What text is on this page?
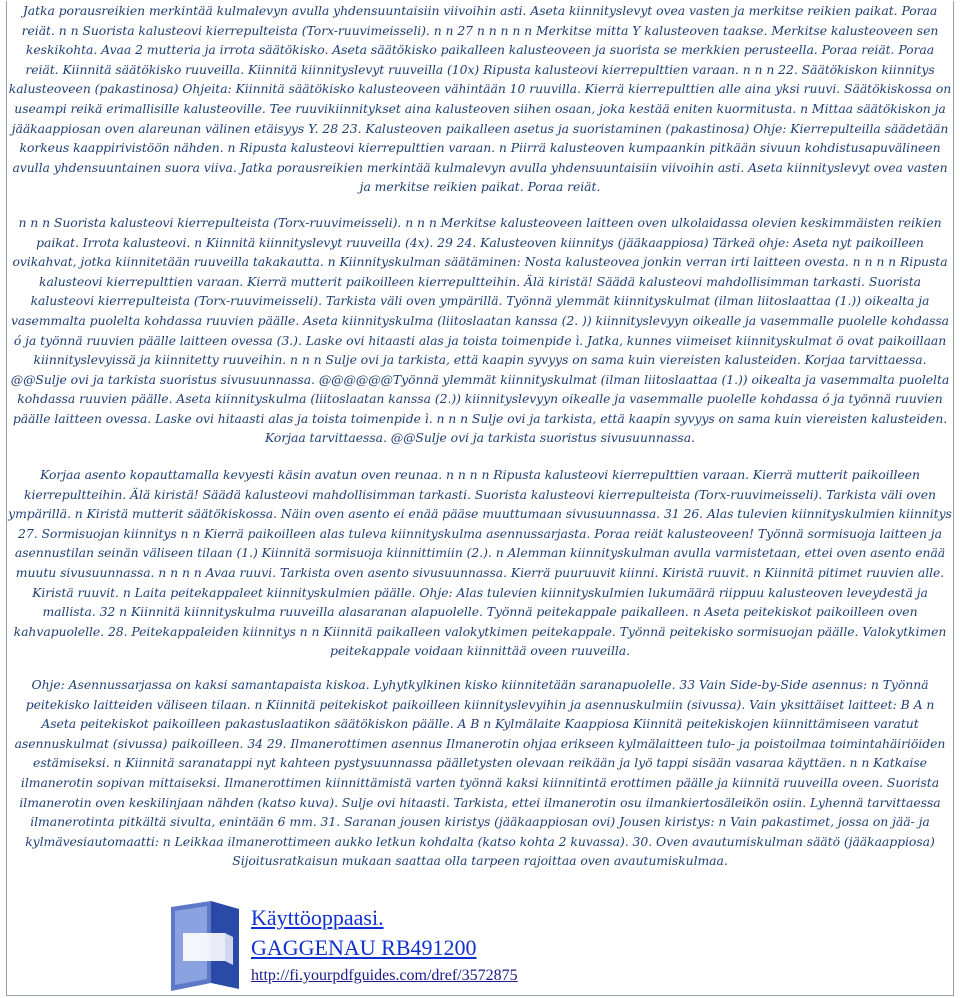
Jatka porausreikien merkintää kulmalevyn avulla yhdensuuntaisiin viivoihin asti. Aseta kiinnityslevyt ovea vasten ja merkitse reikien paikat. Poraa reiät. n n Suorista kalusteovi kierrepulteista (Torx-ruuvimeisseli). n n 27 n n n n n Merkitse mitta Y kalusteoven taakse. Merkitse kalusteoveen sen keskikohta. Avaa 2 mutteria ja irrota säätökisko. Aseta säätökisko paikalleen kalusteoveen ja suorista se merkkien perusteella. Poraa reiät. Poraa reiät. Kiinnitä säätökisko ruuveilla. Kiinnitä kiinnityslevyt ruuveilla (10x) Ripusta kalusteovi kierrepulttien varaan. n n n 22. Säätökiskon kiinnitys kalusteoveen (pakastinosa) Ohjeita: Kiinnitä säätökisko kalusteoveen vähintään 10 ruuvilla. Kierrä kierrepulttien alle aina yksi ruuvi. Säätökiskossa on useampi reikä erimallisille kalusteoville. Tee ruuvikiinnitykset aina kalusteoven siihen osaan, joka kestää eniten kuormitusta. n Mittaa säätökiskon ja jääkaappiosan oven alareunan välinen etäisyys Y. 28 23. Kalusteoven paikalleen asetus ja suoristaminen (pakastinosa) Ohje: Kierrepulteilla säädetään korkeus kaappirivistöön nähden. n Ripusta kalusteovi kierrepulttien varaan. n Piirrä kalusteoven kumpaankin pitkään sivuun kohdistusapuvälineen avulla yhdensuuntainen suora viiva. Jatka porausreikien merkintää kulmalevyn avulla yhdensuuntaisiin viivoihin asti. Aseta kiinnityslevyt ovea vasten ja merkitse reikien paikat. Poraa reiät.

n n n Suorista kalusteovi kierrepulteista (Torx-ruuvimeisseli). n n n Merkitse kalusteoveen laitteen oven ulkolaidassa olevien keskimmäisten reikien paikat. Irrota kalusteovi. n Kiinnitä kiinnityslevyt ruuveilla (4x). 29 24. Kalusteoven kiinnitys (jääkaappiosa) Tärkeä ohje: Aseta nyt paikoilleen ovikahvat, jotka kiinnitetään ruuveilla takakautta. n Kiinnityskulman säätäminen: Nosta kalusteovea jonkin verran irti laitteen ovesta. n n n n Ripusta kalusteovi kierrepulttien varaan. Kierrä mutterit paikoilleen kierrepultteihin. Älä kiristä! Säädä kalusteovi mahdollisimman tarkasti. Suorista kalusteovi kierrepulteista (Torx-ruuvimeisseli). Tarkista väli oven ympärillä. Työnnä ylemmät kiinnityskulmat (ilman liitoslaattaa (1.)) oikealta ja vasemmalta puolelta kohdassa ruuvien päälle. Aseta kiinnityskulma (liitoslaatan kanssa (2. )) kiinnityslevyyn oikealle ja vasemmalle puolelle kohdassa ó ja työnnä ruuvien päälle laitteen ovessa (3.). Laske ovi hitaasti alas ja toista toimenpide ì. Jatka, kunnes viimeiset kiinnityskulmat ö ovat paikoillaan kiinnityslevyissä ja kiinnitetty ruuveihin. n n n Sulje ovi ja tarkista, että kaapin syvyys on sama kuin viereisten kalusteiden. Korjaa tarvittaessa. @@Sulje ovi ja tarkista suoristus sivusuunnassa. @@@@@@Työnnä ylemmät kiinnityskulmat (ilman liitoslaattaa (1.)) oikealta ja vasemmalta puolelta kohdassa ruuvien päälle. Aseta kiinnityskulma (liitoslaatan kanssa (2.)) kiinnityslevyyn oikealle ja vasemmalle puolelle kohdassa ó ja työnnä ruuvien päälle laitteen ovessa. Laske ovi hitaasti alas ja toista toimenpide ì. n n n Sulje ovi ja tarkista, että kaapin syvyys on sama kuin viereisten kalusteiden. Korjaa tarvittaessa. @@Sulje ovi ja tarkista suoristus sivusuunnassa.

Korjaa asento kopauttamalla kevyesti käsin avatun oven reunaa. n n n n Ripusta kalusteovi kierrepulttien varaan. Kierrä mutterit paikoilleen kierrepultteihin. Älä kiristä! Säädä kalusteovi mahdollisimman tarkasti. Suorista kalusteovi kierrepulteista (Torx-ruuvimeisseli). Tarkista väli oven ympärillä. n Kiristä mutterit säätökiskossa. Näin oven asento ei enää pääse muuttumaan sivusuunnassa. 31 26. Alas tulevien kiinnityskulmien kiinnitys 27. Sormisuojan kiinnitys n n Kierrä paikoilleen alas tuleva kiinnityskulma asennussarjasta. Poraa reiät kalusteoveen! Työnnä sormisuoja laitteen ja asennustilan seinän väliseen tilaan (1.) Kiinnitä sormisuoja kiinnittimiin (2.). n Alemman kiinnityskulman avulla varmistetaan, ettei oven asento enää muutu sivusuunnassa. n n n n Avaa ruuvi. Tarkista oven asento sivusuunnassa. Kierrä puuruuvit kiinni. Kiristä ruuvit. n Kiinnitä pitimet ruuvien alle. Kiristä ruuvit. n Laita peitekappaleet kiinnityskulmien päälle. Ohje: Alas tulevien kiinnityskulmien lukumäärä riippuu kalusteoven leveydestä ja mallista. 32 n Kiinnitä kiinnityskulma ruuveilla alasaranan alapuolelle. Työnnä peitekappale paikalleen. n Aseta peitekiskot paikoilleen oven kahvapuolelle. 28. Peitekappaleiden kiinnitys n n Kiinnitä paikalleen valokytkimen peitekappale. Työnnä peitekisko sormisuojan päälle. Valokytkimen peitekappale voidaan kiinnittää oveen ruuveilla.

Ohje: Asennussarjassa on kaksi samantapaista kiskoa. Lyhytkylkinen kisko kiinnitetään saranapuolelle. 33 Vain Side-by-Side asennus: n Työnnä peitekisko laitteiden väliseen tilaan. n Kiinnitä peitekiskot paikoilleen kiinnityslevyihin ja asennuskulmiin (sivussa). Vain yksittäiset laitteet: B A n Aseta peitekiskot paikoilleen pakastuslaatikon säätökiskon päälle. A B n Kylmälaite Kaappiosa Kiinnitä peitekiskojen kiinnittämiseen varatut asennuskulmat (sivussa) paikoilleen. 34 29. Ilmanerottimen asennus Ilmanerotin ohjaa erikseen kylmälaitteen tulo- ja poistoilmaa toimintahäiriöiden estämiseksi. n Kiinnitä saranatappi nyt kahteen pystysuunnassa päälletysten olevaan reikään ja lyö tappi sisään vasaraa käyttäen. n n Katkaise ilmanerotin sopivan mittaiseksi. Ilmanerottimen kiinnittämistä varten työnnä kaksi kiinnitintä erottimen päälle ja kiinnitä ruuveilla oveen. Suorista ilmanerotin oven keskilinjaan nähden (katso kuva). Sulje ovi hitaasti. Tarkista, ettei ilmanerotin osu ilmankiertosäleikön osiin. Lyhennä tarvittaessa ilmanerotinta pitkältä sivulta, enintään 6 mm. 31. Saranan jousen kiristys (jääkaappiosan ovi) Jousen kiristys: n Vain pakastimet, jossa on jää- ja kylmävesiautomaatti: n Leikkaa ilmanerottimeen aukko letkun kohdalta (katso kohta 2 kuvassa). 30. Oven avautumiskulman säätö (jääkaappiosa) Sijoitusratkaisun mukaan saattaa olla tarpeen rajoittaa oven avautumiskulmaa.

Käyttöoppaasi.
GAGGENAU RB491200
http://fi.yourpdfguides.com/dref/3572875
